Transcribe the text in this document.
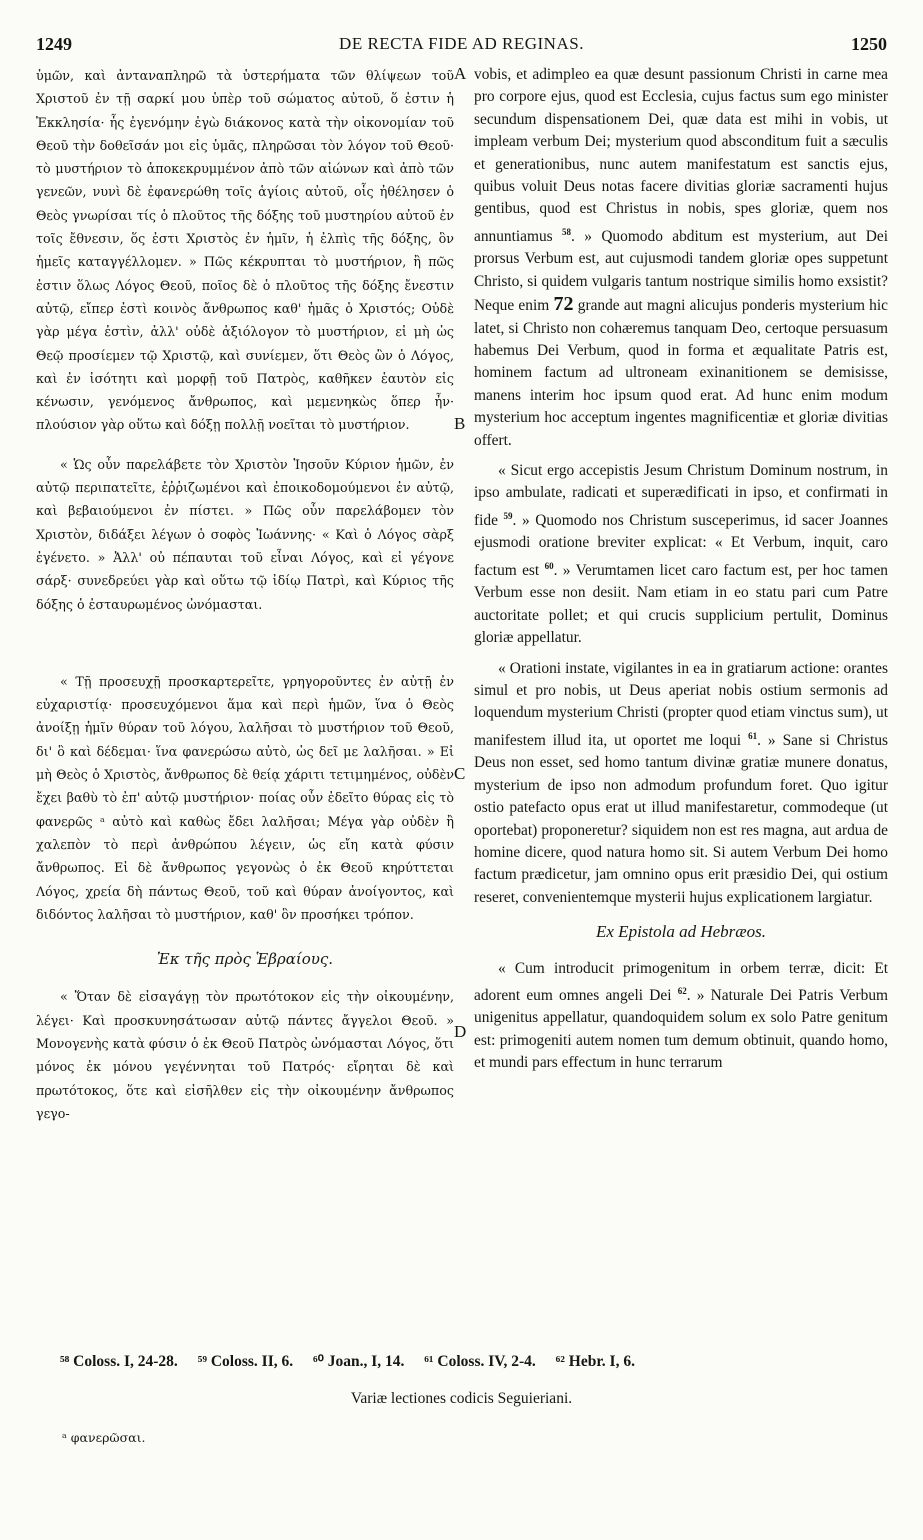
1249	DE RECTA FIDE AD REGINAS.	1250

ὑμῶν, καὶ ἀνταναπληρῶ τὰ ὑστερήματα τῶν θλίψεων τοῦ Χριστοῦ ἐν τῇ σαρκί μου ὑπὲρ τοῦ σώματος αὐτοῦ, ὅ ἐστιν ἡ Ἐκκλησία· ἧς ἐγενόμην ἐγὼ διάκονος κατὰ τὴν οἰκονομίαν τοῦ Θεοῦ τὴν δοθεῖσάν μοι εἰς ὑμᾶς, πληρῶσαι τὸν λόγον τοῦ Θεοῦ· τὸ μυστήριον τὸ ἀποκεκρυμμένον ἀπὸ τῶν αἰώνων καὶ ἀπὸ τῶν γενεῶν, νυνὶ δὲ ἐφανερώθη τοῖς ἁγίοις αὐτοῦ, οἷς ἠθέλησεν ὁ Θεὸς γνωρίσαι τίς ὁ πλοῦτος τῆς δόξης τοῦ μυστηρίου αὐτοῦ ἐν τοῖς ἔθνεσιν, ὅς ἐστι Χριστὸς ἐν ἡμῖν, ἡ ἐλπὶς τῆς δόξης, ὃν ἡμεῖς καταγγέλλομεν. » Πῶς κέκρυπται τὸ μυστήριον, ἢ πῶς ἐστιν ὅλως Λόγος Θεοῦ, ποῖος δὲ ὁ πλοῦτος τῆς δόξης ἔνεστιν αὐτῷ, εἴπερ ἐστὶ κοινὸς ἄνθρωπος καθ' ἡμᾶς ὁ Χριστός; Οὐδὲ γὰρ μέγα ἐστὶν, ἀλλ' οὐδὲ ἀξιόλογον τὸ μυστήριον, εἰ μὴ ὡς Θεῷ προσίεμεν τῷ Χριστῷ, καὶ συνίεμεν, ὅτι Θεὸς ὢν ὁ Λόγος, καὶ ἐν ἰσότητι καὶ μορφῇ τοῦ Πατρὸς, καθῆκεν ἑαυτὸν εἰς κένωσιν, γενόμενος ἄνθρωπος, καὶ μεμενηκὼς ὅπερ ἦν· πλούσιον γὰρ οὕτω καὶ δόξῃ πολλῇ νοεῖται τὸ μυστήριον.

« Ὡς οὖν παρελάβετε τὸν Χριστὸν Ἰησοῦν Κύριον ἡμῶν, ἐν αὐτῷ περιπατεῖτε, ἐῤῥιζωμένοι καὶ ἐποικοδομούμενοι ἐν αὐτῷ, καὶ βεβαιούμενοι ἐν πίστει. » Πῶς οὖν παρελάβομεν τὸν Χριστὸν, διδάξει λέγων ὁ σοφὸς Ἰωάννης· « Καὶ ὁ Λόγος σὰρξ ἐγένετο. » Ἀλλ' οὐ πέπαυται τοῦ εἶναι Λόγος, καὶ εἰ γέγονε σάρξ· συνεδρεύει γὰρ καὶ οὕτω τῷ ἰδίῳ Πατρὶ, καὶ Κύριος τῆς δόξης ὁ ἐσταυρωμένος ὠνόμασται.

« Τῇ προσευχῇ προσκαρτερεῖτε, γρηγοροῦντες ἐν αὐτῇ ἐν εὐχαριστίᾳ· προσευχόμενοι ἅμα καὶ περὶ ἡμῶν, ἵνα ὁ Θεὸς ἀνοίξῃ ἡμῖν θύραν τοῦ λόγου, λαλῆσαι τὸ μυστήριον τοῦ Θεοῦ, δι' ὃ καὶ δέδεμαι· ἵνα φανερώσω αὐτὸ, ὡς δεῖ με λαλῆσαι. » Εἰ μὴ Θεὸς ὁ Χριστὸς, ἄνθρωπος δὲ θείᾳ χάριτι τετιμημένος, οὐδὲν ἔχει βαθὺ τὸ ἐπ' αὐτῷ μυστήριον· ποίας οὖν ἐδεῖτο θύρας εἰς τὸ φανερῶς ᵃ αὐτὸ καὶ καθὼς ἔδει λαλῆσαι; Μέγα γὰρ οὐδὲν ἢ χαλεπὸν τὸ περὶ ἀνθρώπου λέγειν, ὡς εἴη κατὰ φύσιν ἄνθρωπος. Εἰ δὲ ἄνθρωπος γεγονὼς ὁ ἐκ Θεοῦ κηρύττεται Λόγος, χρεία δὴ πάντως Θεοῦ, τοῦ καὶ θύραν ἀνοίγοντος, καὶ διδόντος λαλῆσαι τὸ μυστήριον, καθ' ὃν προσήκει τρόπον.

Ἐκ τῆς πρὸς Ἑβραίους.

« Ὅταν δὲ εἰσαγάγῃ τὸν πρωτότοκον εἰς τὴν οἰκουμένην, λέγει· Καὶ προσκυνησάτωσαν αὐτῷ πάντες ἄγγελοι Θεοῦ. » Μονογενὴς κατὰ φύσιν ὁ ἐκ Θεοῦ Πατρὸς ὠνόμασται Λόγος, ὅτι μόνος ἐκ μόνου γεγέννηται τοῦ Πατρός· εἴρηται δὲ καὶ πρωτότοκος, ὅτε καὶ εἰσῆλθεν εἰς τὴν οἰκουμένην ἄνθρωπος γεγο-

A
B
C
D

vobis, et adimpleo ea quæ desunt passionum Christi in carne mea pro corpore ejus, quod est Ecclesia, cujus factus sum ego minister secundum dispensationem Dei, quæ data est mihi in vobis, ut impleam verbum Dei; mysterium quod absconditum fuit a sæculis et generationibus, nunc autem manifestatum est sanctis ejus, quibus voluit Deus notas facere divitias gloriæ sacramenti hujus gentibus, quod est Christus in nobis, spes gloriæ, quem nos annuntiamus $^{58}$. » Quomodo abditum est mysterium, aut Dei prorsus Verbum est, aut cujusmodi tandem gloriæ opes suppetunt Christo, si quidem vulgaris tantum nostrique similis homo exsistit? Neque enim 72 grande aut magni alicujus ponderis mysterium hic latet, si Christo non cohæremus tanquam Deo, certoque persuasum habemus Dei Verbum, quod in forma et æqualitate Patris est, hominem factum ad ultroneam exinanitionem se demisisse, manens interim hoc ipsum quod erat. Ad hunc enim modum mysterium hoc acceptum ingentes magnificentiæ et gloriæ divitias offert.

« Sicut ergo accepistis Jesum Christum Dominum nostrum, in ipso ambulate, radicati et superædificati in ipso, et confirmati in fide $^{59}$. » Quomodo nos Christum susceperimus, id sacer Joannes ejusmodi oratione breviter explicat: « Et Verbum, inquit, caro factum est $^{60}$. » Verumtamen licet caro factum est, per hoc tamen Verbum esse non desiit. Nam etiam in eo statu pari cum Patre auctoritate pollet; et qui crucis supplicium pertulit, Dominus gloriæ appellatur.

« Orationi instate, vigilantes in ea in gratiarum actione: orantes simul et pro nobis, ut Deus aperiat nobis ostium sermonis ad loquendum mysterium Christi (propter quod etiam vinctus sum), ut manifestem illud ita, ut oportet me loqui $^{61}$. » Sane si Christus Deus non esset, sed homo tantum divinæ gratiæ munere donatus, mysterium de ipso non admodum profundum foret. Quo igitur ostio patefacto opus erat ut illud manifestaretur, commodeque (ut oportebat) proponeretur? siquidem non est res magna, aut ardua de homine dicere, quod natura homo sit. Si autem Verbum Dei homo factum prædicetur, jam omnino opus erit præsidio Dei, qui ostium reseret, convenientemque mysterii hujus explicationem largiatur.

Ex Epistola ad Hebræos.

« Cum introducit primogenitum in orbem terræ, dicit: Et adorent eum omnes angeli Dei $^{62}$. » Naturale Dei Patris Verbum unigenitus appellatur, quandoquidem solum ex solo Patre genitum est: primogeniti autem nomen tum demum obtinuit, quando homo, et mundi pars effectum in hunc terrarum

⁵⁸ Coloss. I, 24-28. ⁵⁹ Coloss. II, 6. ⁶⁰ Joan., I, 14. ⁶¹ Coloss. IV, 2-4. ⁶² Hebr. I, 6.
Variæ lectiones codicis Seguieriani.
ᵃ φανερῶσαι.
